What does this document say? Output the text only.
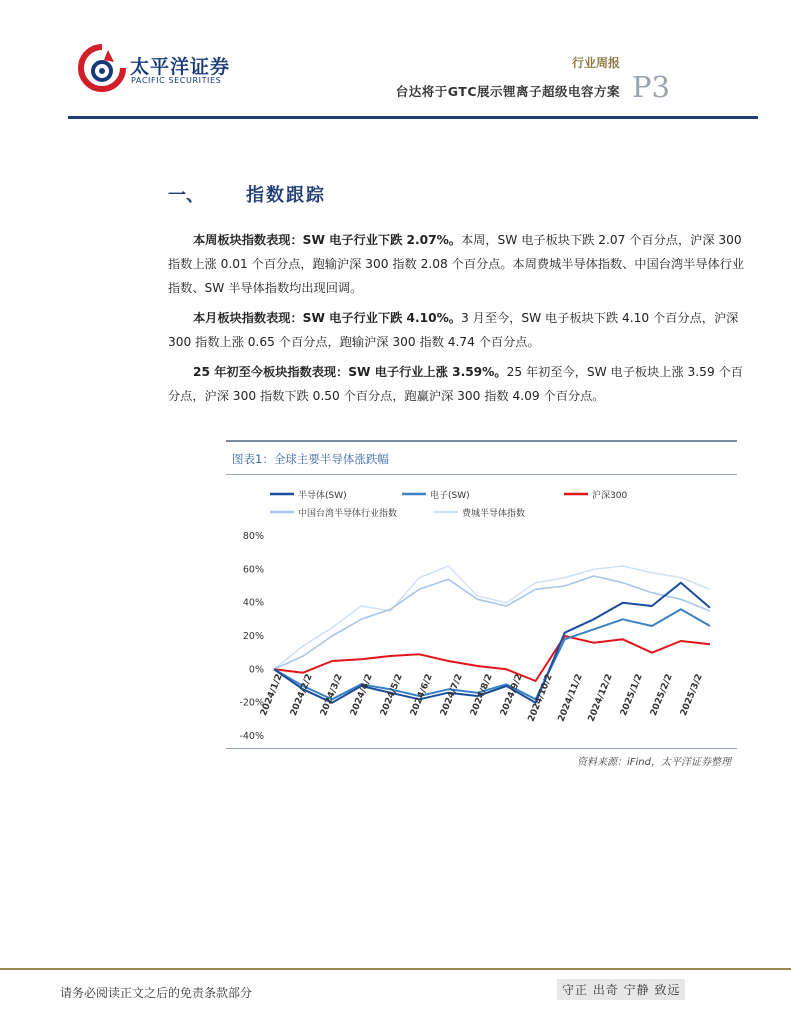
太平洋证券
PACIFIC SECURITIES
行业周报
台达将于GTC展示锂离子超级电容方案 P3
一、 指数跟踪
本周板块指数表现：SW 电子行业下跌 2.07%。本周，SW 电子板块下跌 2.07 个百分点，沪深 300 指数上涨 0.01 个百分点，跑输沪深 300 指数 2.08 个百分点。本周费城半导体指数、中国台湾半导体行业指数、SW 半导体指数均出现回调。
本月板块指数表现：SW 电子行业下跌 4.10%。3 月至今，SW 电子板块下跌 4.10 个百分点，沪深 300 指数上涨 0.65 个百分点，跑输沪深 300 指数 4.74 个百分点。
25 年初至今板块指数表现：SW 电子行业上涨 3.59%。25 年初至今，SW 电子板块上涨 3.59 个百分点，沪深 300 指数下跌 0.50 个百分点，跑赢沪深 300 指数 4.09 个百分点。
图表1：全球主要半导体涨跌幅
半导体(SW)	电子(SW)	沪深300
中国台湾半导体行业指数	费城半导体指数
80%
60%
40%
20%
0%
-20%
-40%
2024/1/2 2024/2/2 2024/3/2 2024/4/2 2024/5/2 2024/6/2 2024/7/2 2024/8/2 2024/9/2 2024/10/2 2024/11/2 2024/12/2 2025/1/2 2025/2/2 2025/3/2
资料来源：iFind，太平洋证券整理
请务必阅读正文之后的免责条款部分	守正 出奇 宁静 致远
